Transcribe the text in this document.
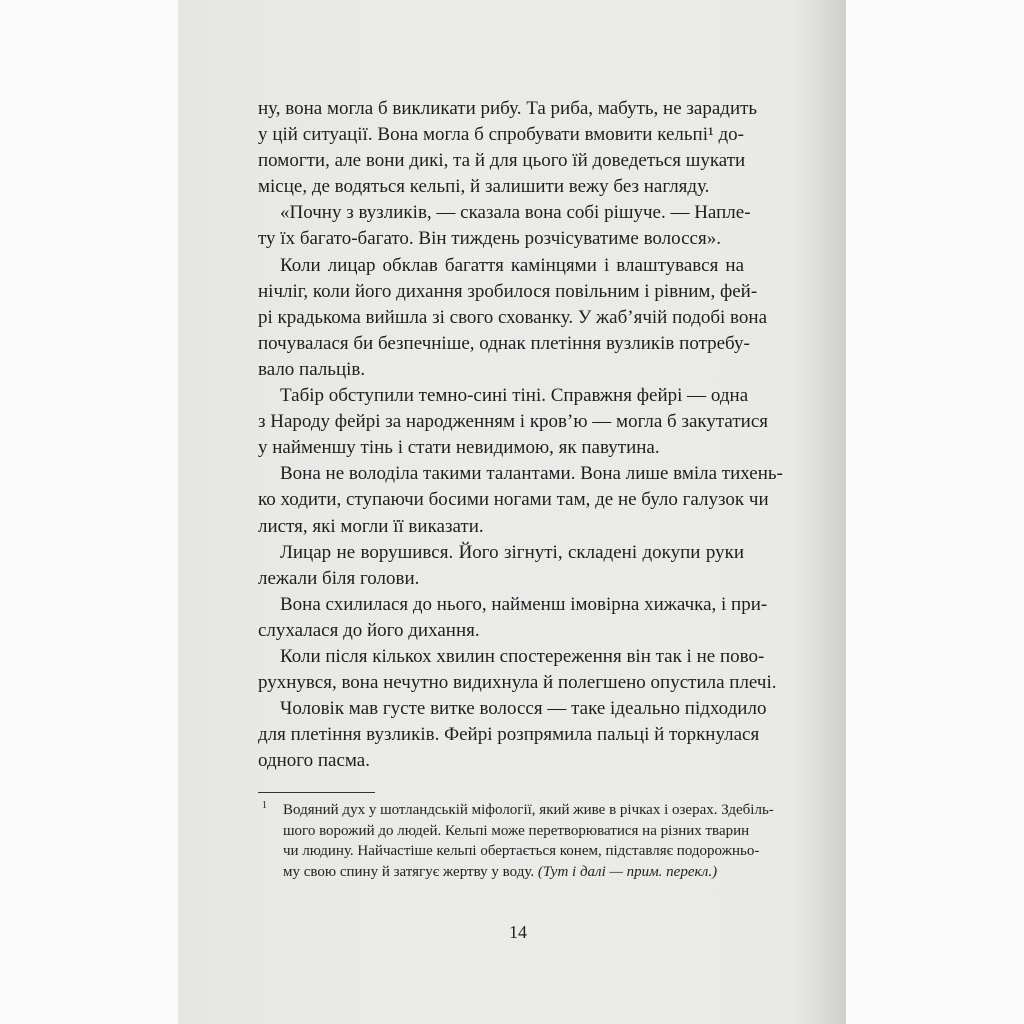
ну, вона могла б викликати рибу. Та риба, мабуть, не зарадить
у цій ситуації. Вона могла б спробувати вмовити кельпі¹ до-
помогти, але вони дикі, та й для цього їй доведеться шукати
місце, де водяться кельпі, й залишити вежу без нагляду.
«Почну з вузликів, — сказала вона собі рішуче. — Напле-
ту їх багато-багато. Він тиждень розчісуватиме волосся».
Коли лицар обклав багаття камінцями і влаштувався на
нічліг, коли його дихання зробилося повільним і рівним, фей-
рі крадькома вийшла зі свого схованку. У жаб’ячій подобі вона
почувалася би безпечніше, однак плетіння вузликів потребу-
вало пальців.
Табір обступили темно-сині тіні. Справжня фейрі — одна
з Народу фейрі за народженням і кров’ю — могла б закутатися
у найменшу тінь і стати невидимою, як павутина.
Вона не володіла такими талантами. Вона лише вміла тихень-
ко ходити, ступаючи босими ногами там, де не було галузок чи
листя, які могли її виказати.
Лицар не ворушився. Його зігнуті, складені докупи руки
лежали біля голови.
Вона схилилася до нього, найменш імовірна хижачка, і при-
слухалася до його дихання.
Коли після кількох хвилин спостереження він так і не пово-
рухнувся, вона нечутно видихнула й полегшено опустила плечі.
Чоловік мав густе витке волосся — таке ідеально підходило
для плетіння вузликів. Фейрі розпрямила пальці й торкнулася
одного пасма.
1 Водяний дух у шотландській міфології, який живе в річках і озерах. Здебіль-
шого ворожий до людей. Кельпі може перетворюватися на різних тварин
чи людину. Найчастіше кельпі обертається конем, підставляє подорожньо-
му свою спину й затягує жертву у воду. (Тут і далі — прим. перекл.)
14
